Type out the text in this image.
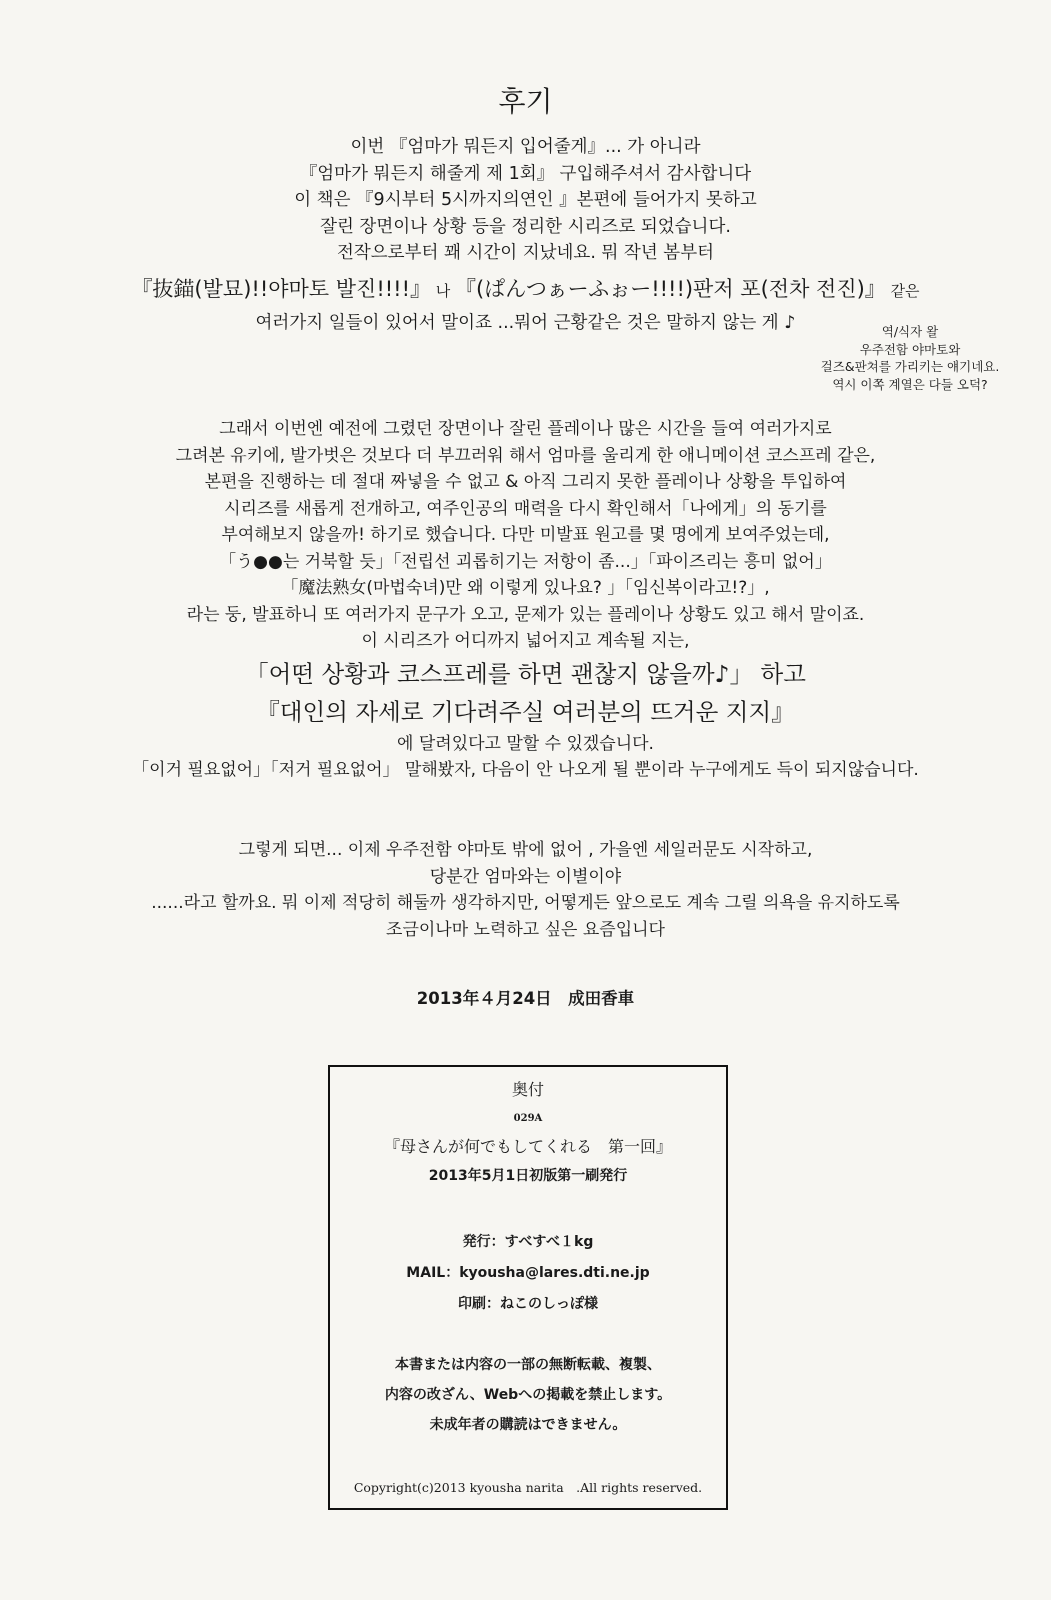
후기
이번 『엄마가 뭐든지 입어줄게』... 가 아니라
『엄마가 뭐든지 해줄게 제 1회』 구입해주셔서 감사합니다
이 책은 『9시부터 5시까지의연인 』본편에 들어가지 못하고
잘린 장면이나 상황 등을 정리한 시리즈로 되었습니다.
전작으로부터 꽤 시간이 지났네요. 뭐 작년 봄부터
『抜錨(발묘)!!야마토 발진!!!!』 나 『(ぱんつぁーふぉー!!!!)판저 포(전차 전진)』 같은
여러가지 일들이 있어서 말이죠 ...뭐어 근황같은 것은 말하지 않는 게 ♪	역/식자 왈
우주전함 야마토와
걸즈&판쳐를 가리키는 얘기네요.
역시 이쪽 계열은 다들 오덕?
그래서 이번엔 예전에 그렸던 장면이나 잘린 플레이나 많은 시간을 들여 여러가지로
그려본 유키에, 발가벗은 것보다 더 부끄러워 해서 엄마를 울리게 한 애니메이션 코스프레 같은,
본편을 진행하는 데 절대 짜넣을 수 없고 & 아직 그리지 못한 플레이나 상황을 투입하여
시리즈를 새롭게 전개하고, 여주인공의 매력을 다시 확인해서「나에게」의 동기를
부여해보지 않을까! 하기로 했습니다. 다만 미발표 원고를 몇 명에게 보여주었는데,
「う●●는 거북할 듯」「전립선 괴롭히기는 저항이 좀...」「파이즈리는 흥미 없어」
「魔法熟女(마법숙녀)만 왜 이렇게 있나요? 」「임신복이라고!?」,
라는 둥, 발표하니 또 여러가지 문구가 오고, 문제가 있는 플레이나 상황도 있고 해서 말이죠.
이 시리즈가 어디까지 넓어지고 계속될 지는,
「어떤 상황과 코스프레를 하면 괜찮지 않을까♪」 하고
『대인의 자세로 기다려주실 여러분의 뜨거운 지지』
에 달려있다고 말할 수 있겠습니다.
「이거 필요없어」「저거 필요없어」 말해봤자, 다음이 안 나오게 될 뿐이라 누구에게도 득이 되지않습니다.
그렇게 되면... 이제 우주전함 야마토 밖에 없어 , 가을엔 세일러문도 시작하고,
당분간 엄마와는 이별이야
......라고 할까요. 뭐 이제 적당히 해둘까 생각하지만, 어떻게든 앞으로도 계속 그릴 의욕을 유지하도록
조금이나마 노력하고 싶은 요즘입니다
2013年４月24日　成田香車
奥付
029A
『母さんが何でもしてくれる　第一回』
2013年5月1日初版第一刷発行
発行：すべすべ１kg
MAIL：kyousha@lares.dti.ne.jp
印刷：ねこのしっぽ様
本書または内容の一部の無断転載、複製、
内容の改ざん、Webへの掲載を禁止します。
未成年者の購読はできません。
Copyright(c)2013 kyousha narita　.All rights reserved.
